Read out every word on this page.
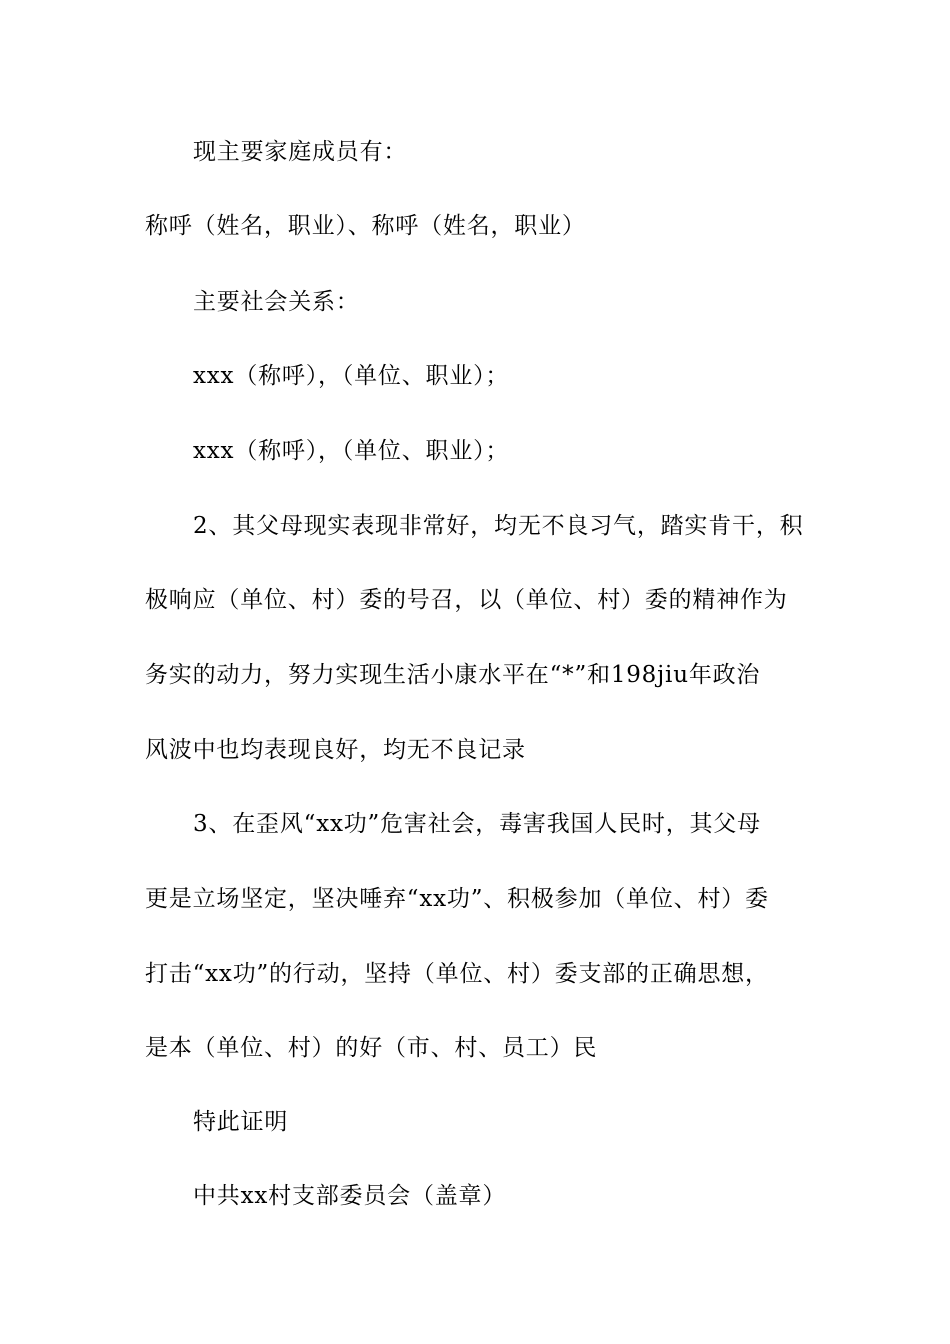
现主要家庭成员有：
称呼（姓名，职业）、称呼（姓名，职业）
主要社会关系：
xxx（称呼），（单位、职业）；
xxx（称呼），（单位、职业）；
2、其父母现实表现非常好，均无不良习气，踏实肯干，积
极响应（单位、村）委的号召，以（单位、村）委的精神作为
务实的动力，努力实现生活小康水平在“*”和198jiu年政治
风波中也均表现良好，均无不良记录
3、在歪风“xx功”危害社会，毒害我国人民时，其父母
更是立场坚定，坚决唾弃“xx功”、积极参加（单位、村）委
打击“xx功”的行动，坚持（单位、村）委支部的正确思想，
是本（单位、村）的好（市、村、员工）民
特此证明
中共xx村支部委员会（盖章）
